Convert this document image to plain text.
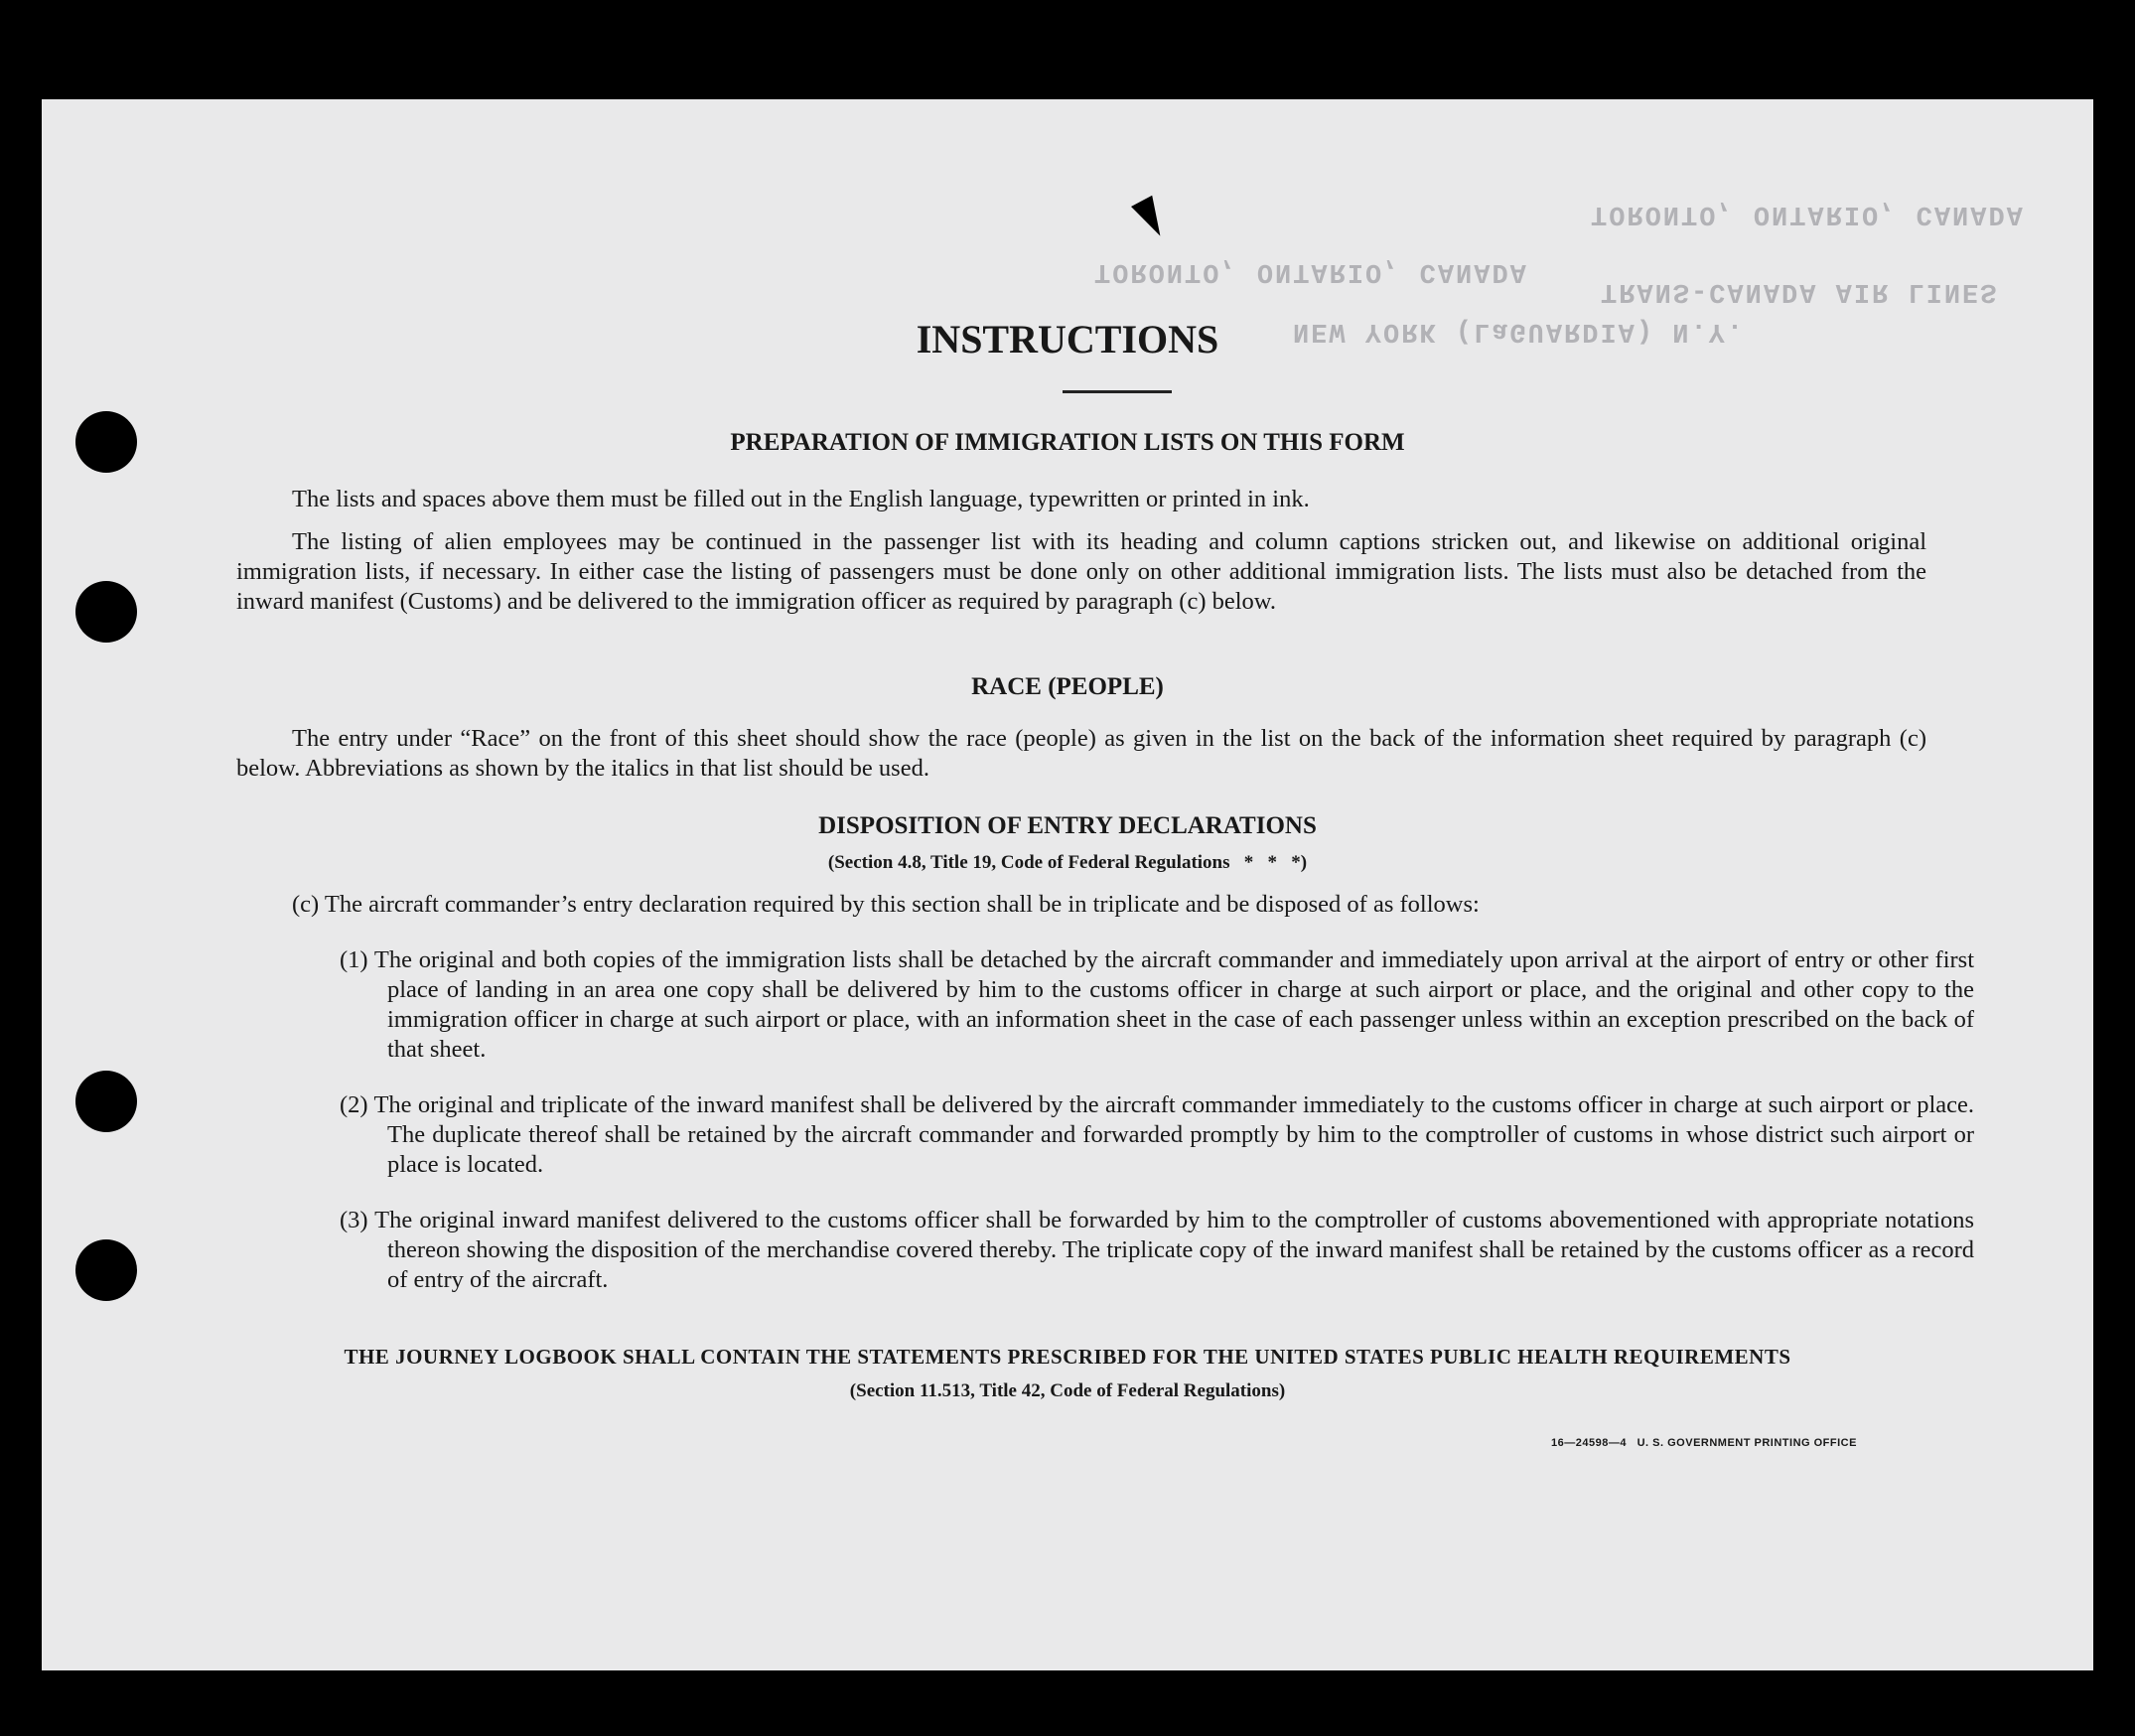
TORONTO, ONTARIO, CANADA
TRANS-CANADA AIR LINES
TORONTO, ONTARIO, CANADA
NEW YORK (LaGUARDIA) N.Y.
INSTRUCTIONS
PREPARATION OF IMMIGRATION LISTS ON THIS FORM

The lists and spaces above them must be filled out in the English language, typewritten or printed in ink.

The listing of alien employees may be continued in the passenger list with its heading and column captions stricken out, and likewise on additional original immigration lists, if necessary. In either case the listing of passengers must be done only on other additional immigration lists. The lists must also be detached from the inward manifest (Customs) and be delivered to the immigration officer as required by paragraph (c) below.

RACE (PEOPLE)

The entry under “Race” on the front of this sheet should show the race (people) as given in the list on the back of the information sheet required by paragraph (c) below. Abbreviations as shown by the italics in that list should be used.

DISPOSITION OF ENTRY DECLARATIONS
(Section 4.8, Title 19, Code of Federal Regulations   *   *   *)

(c) The aircraft commander’s entry declaration required by this section shall be in triplicate and be disposed of as follows:

(1) The original and both copies of the immigration lists shall be detached by the aircraft commander and immediately upon arrival at the airport of entry or other first place of landing in an area one copy shall be delivered by him to the customs officer in charge at such airport or place, and the original and other copy to the immigration officer in charge at such airport or place, with an information sheet in the case of each passenger unless within an exception prescribed on the back of that sheet.

(2) The original and triplicate of the inward manifest shall be delivered by the aircraft commander immediately to the customs officer in charge at such airport or place. The duplicate thereof shall be retained by the aircraft commander and forwarded promptly by him to the comptroller of customs in whose district such airport or place is located.

(3) The original inward manifest delivered to the customs officer shall be forwarded by him to the comptroller of customs abovementioned with appropriate notations thereon showing the disposition of the merchandise covered thereby. The triplicate copy of the inward manifest shall be retained by the customs officer as a record of entry of the aircraft.

THE JOURNEY LOGBOOK SHALL CONTAIN THE STATEMENTS PRESCRIBED FOR THE UNITED STATES PUBLIC HEALTH REQUIREMENTS
(Section 11.513, Title 42, Code of Federal Regulations)
16—24598—4   U. S. GOVERNMENT PRINTING OFFICE
